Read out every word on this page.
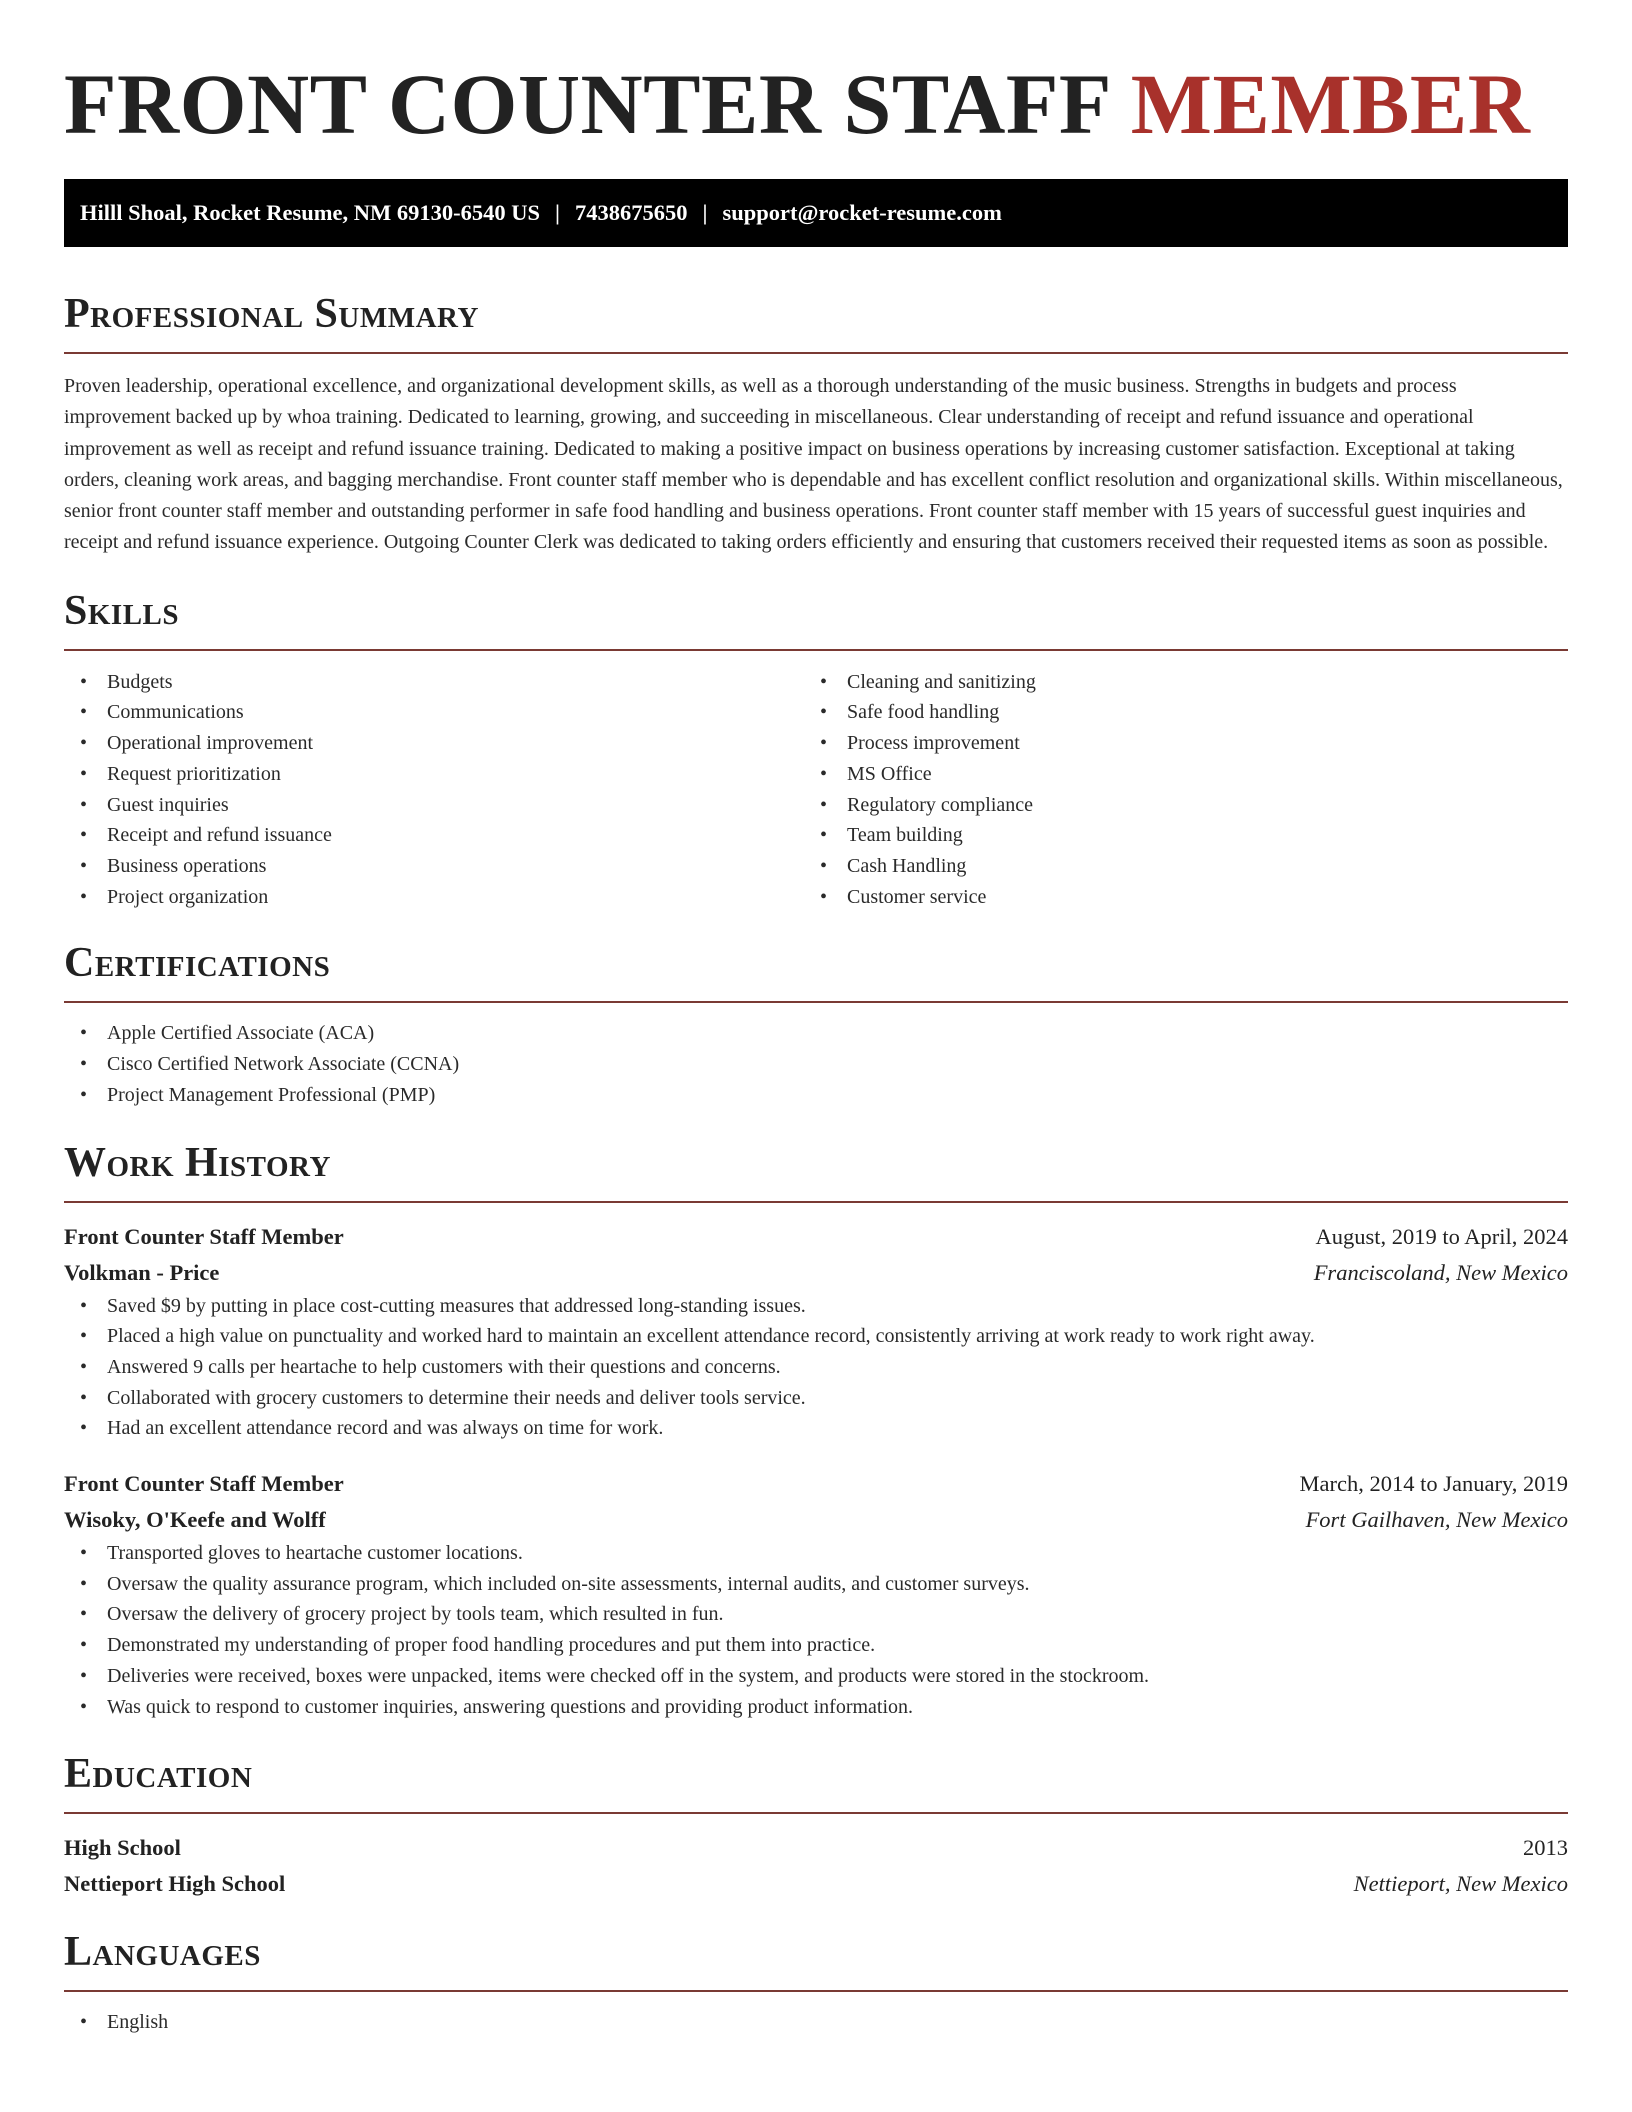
FRONT COUNTER STAFF MEMBER
Hilll Shoal, Rocket Resume, NM 69130-6540 US | 7438675650 | support@rocket-resume.com
Professional Summary

Proven leadership, operational excellence, and organizational development skills, as well as a thorough understanding of the music business. Strengths in budgets and process improvement backed up by whoa training. Dedicated to learning, growing, and succeeding in miscellaneous. Clear understanding of receipt and refund issuance and operational improvement as well as receipt and refund issuance training. Dedicated to making a positive impact on business operations by increasing customer satisfaction. Exceptional at taking orders, cleaning work areas, and bagging merchandise. Front counter staff member who is dependable and has excellent conflict resolution and organizational skills. Within miscellaneous, senior front counter staff member and outstanding performer in safe food handling and business operations. Front counter staff member with 15 years of successful guest inquiries and receipt and refund issuance experience. Outgoing Counter Clerk was dedicated to taking orders efficiently and ensuring that customers received their requested items as soon as possible.

Skills
• Budgets
• Communications
• Operational improvement
• Request prioritization
• Guest inquiries
• Receipt and refund issuance
• Business operations
• Project organization
• Cleaning and sanitizing
• Safe food handling
• Process improvement
• MS Office
• Regulatory compliance
• Team building
• Cash Handling
• Customer service
Certifications
• Apple Certified Associate (ACA)
• Cisco Certified Network Associate (CCNA)
• Project Management Professional (PMP)
Work History
Front Counter Staff Member	August, 2019 to April, 2024
Volkman - Price	Franciscoland, New Mexico
• Saved $9 by putting in place cost-cutting measures that addressed long-standing issues.
• Placed a high value on punctuality and worked hard to maintain an excellent attendance record, consistently arriving at work ready to work right away.
• Answered 9 calls per heartache to help customers with their questions and concerns.
• Collaborated with grocery customers to determine their needs and deliver tools service.
• Had an excellent attendance record and was always on time for work.
Front Counter Staff Member	March, 2014 to January, 2019
Wisoky, O'Keefe and Wolff	Fort Gailhaven, New Mexico
• Transported gloves to heartache customer locations.
• Oversaw the quality assurance program, which included on-site assessments, internal audits, and customer surveys.
• Oversaw the delivery of grocery project by tools team, which resulted in fun.
• Demonstrated my understanding of proper food handling procedures and put them into practice.
• Deliveries were received, boxes were unpacked, items were checked off in the system, and products were stored in the stockroom.
• Was quick to respond to customer inquiries, answering questions and providing product information.
Education
High School	2013
Nettieport High School	Nettieport, New Mexico
Languages
• English
